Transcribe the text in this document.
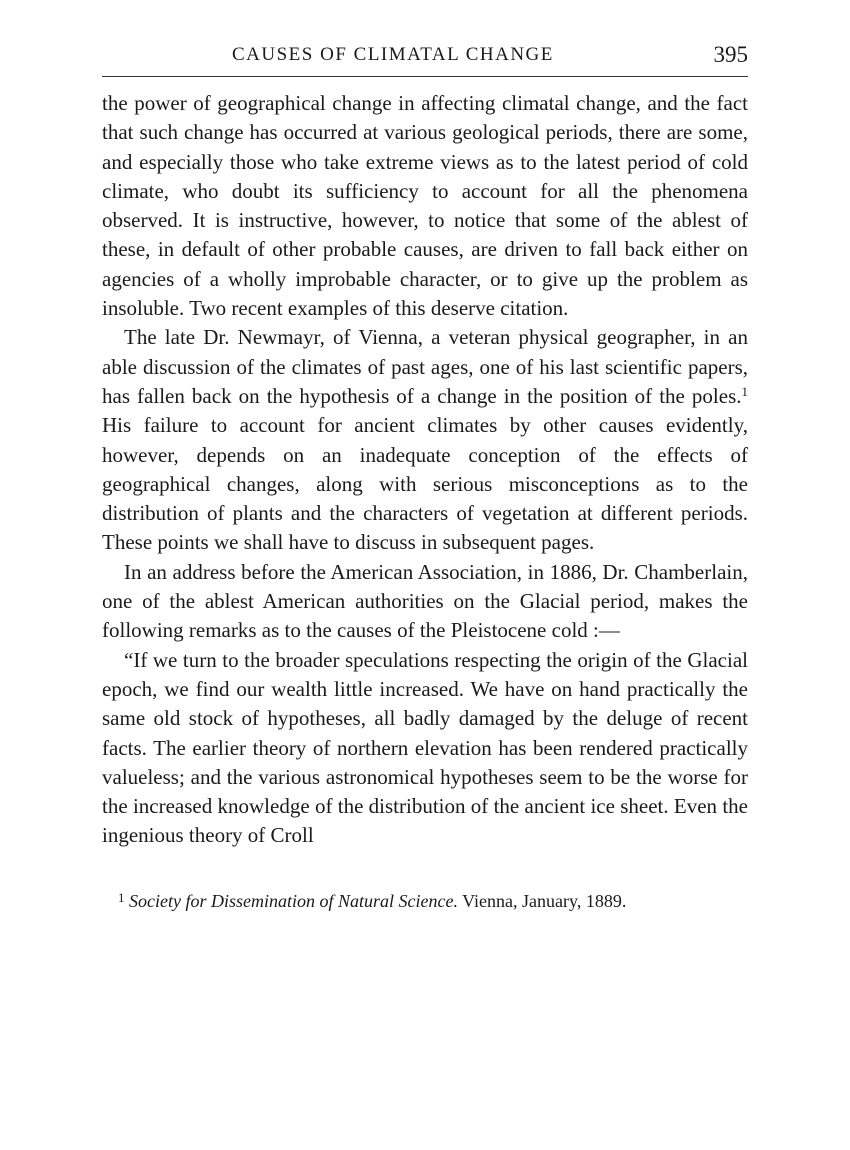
CAUSES OF CLIMATAL CHANGE	395

the power of geographical change in affecting climatal change, and the fact that such change has occurred at various geological periods, there are some, and especially those who take extreme views as to the latest period of cold climate, who doubt its sufficiency to account for all the phenomena observed. It is instructive, however, to notice that some of the ablest of these, in default of other probable causes, are driven to fall back either on agencies of a wholly improbable character, or to give up the problem as insoluble. Two recent examples of this deserve citation.

The late Dr. Newmayr, of Vienna, a veteran physical geographer, in an able discussion of the climates of past ages, one of his last scientific papers, has fallen back on the hypothesis of a change in the position of the poles.$^1$ His failure to account for ancient climates by other causes evidently, however, depends on an inadequate conception of the effects of geographical changes, along with serious misconceptions as to the distribution of plants and the characters of vegetation at different periods. These points we shall have to discuss in subsequent pages.

In an address before the American Association, in 1886, Dr. Chamberlain, one of the ablest American authorities on the Glacial period, makes the following remarks as to the causes of the Pleistocene cold :—

“If we turn to the broader speculations respecting the origin of the Glacial epoch, we find our wealth little increased. We have on hand practically the same old stock of hypotheses, all badly damaged by the deluge of recent facts. The earlier theory of northern elevation has been rendered practically valueless; and the various astronomical hypotheses seem to be the worse for the increased knowledge of the distribution of the ancient ice sheet. Even the ingenious theory of Croll

$^1$ Society for Dissemination of Natural Science. Vienna, January, 1889.
